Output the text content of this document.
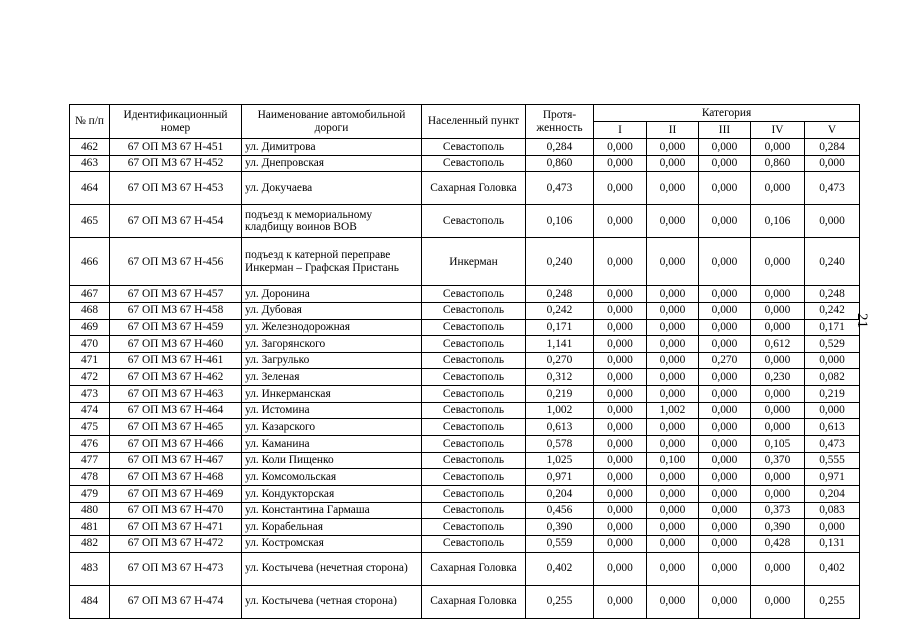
№ п/п	Идентификационный номер	Наименование автомобильной дороги	Населенный пункт	Протя-женность	Категория				
					I	II	III	IV	V
462	67 ОП МЗ 67 Н-451	ул. Димитрова	Севастополь	0,284	0,000	0,000	0,000	0,000	0,284
463	67 ОП МЗ 67 Н-452	ул. Днепровская	Севастополь	0,860	0,000	0,000	0,000	0,860	0,000
464	67 ОП МЗ 67 Н-453	ул. Докучаева	Сахарная Головка	0,473	0,000	0,000	0,000	0,000	0,473
465	67 ОП МЗ 67 Н-454	подъезд к мемориальному кладбищу воинов ВОВ	Севастополь	0,106	0,000	0,000	0,000	0,106	0,000
466	67 ОП МЗ 67 Н-456	подъезд к катерной переправе Инкерман – Графская Пристань	Инкерман	0,240	0,000	0,000	0,000	0,000	0,240
467	67 ОП МЗ 67 Н-457	ул. Доронина	Севастополь	0,248	0,000	0,000	0,000	0,000	0,248
468	67 ОП МЗ 67 Н-458	ул. Дубовая	Севастополь	0,242	0,000	0,000	0,000	0,000	0,242
469	67 ОП МЗ 67 Н-459	ул. Железнодорожная	Севастополь	0,171	0,000	0,000	0,000	0,000	0,171
470	67 ОП МЗ 67 Н-460	ул. Загорянского	Севастополь	1,141	0,000	0,000	0,000	0,612	0,529
471	67 ОП МЗ 67 Н-461	ул. Загрулько	Севастополь	0,270	0,000	0,000	0,270	0,000	0,000
472	67 ОП МЗ 67 Н-462	ул. Зеленая	Севастополь	0,312	0,000	0,000	0,000	0,230	0,082
473	67 ОП МЗ 67 Н-463	ул. Инкерманская	Севастополь	0,219	0,000	0,000	0,000	0,000	0,219
474	67 ОП МЗ 67 Н-464	ул. Истомина	Севастополь	1,002	0,000	1,002	0,000	0,000	0,000
475	67 ОП МЗ 67 Н-465	ул. Казарского	Севастополь	0,613	0,000	0,000	0,000	0,000	0,613
476	67 ОП МЗ 67 Н-466	ул. Каманина	Севастополь	0,578	0,000	0,000	0,000	0,105	0,473
477	67 ОП МЗ 67 Н-467	ул. Коли Пищенко	Севастополь	1,025	0,000	0,100	0,000	0,370	0,555
478	67 ОП МЗ 67 Н-468	ул. Комсомольская	Севастополь	0,971	0,000	0,000	0,000	0,000	0,971
479	67 ОП МЗ 67 Н-469	ул. Кондукторская	Севастополь	0,204	0,000	0,000	0,000	0,000	0,204
480	67 ОП МЗ 67 Н-470	ул. Константина Гармаша	Севастополь	0,456	0,000	0,000	0,000	0,373	0,083
481	67 ОП МЗ 67 Н-471	ул. Корабельная	Севастополь	0,390	0,000	0,000	0,000	0,390	0,000
482	67 ОП МЗ 67 Н-472	ул. Костромская	Севастополь	0,559	0,000	0,000	0,000	0,428	0,131
483	67 ОП МЗ 67 Н-473	ул. Костычева (нечетная сторона)	Сахарная Головка	0,402	0,000	0,000	0,000	0,000	0,402
484	67 ОП МЗ 67 Н-474	ул. Костычева (четная сторона)	Сахарная Головка	0,255	0,000	0,000	0,000	0,000	0,255
21
